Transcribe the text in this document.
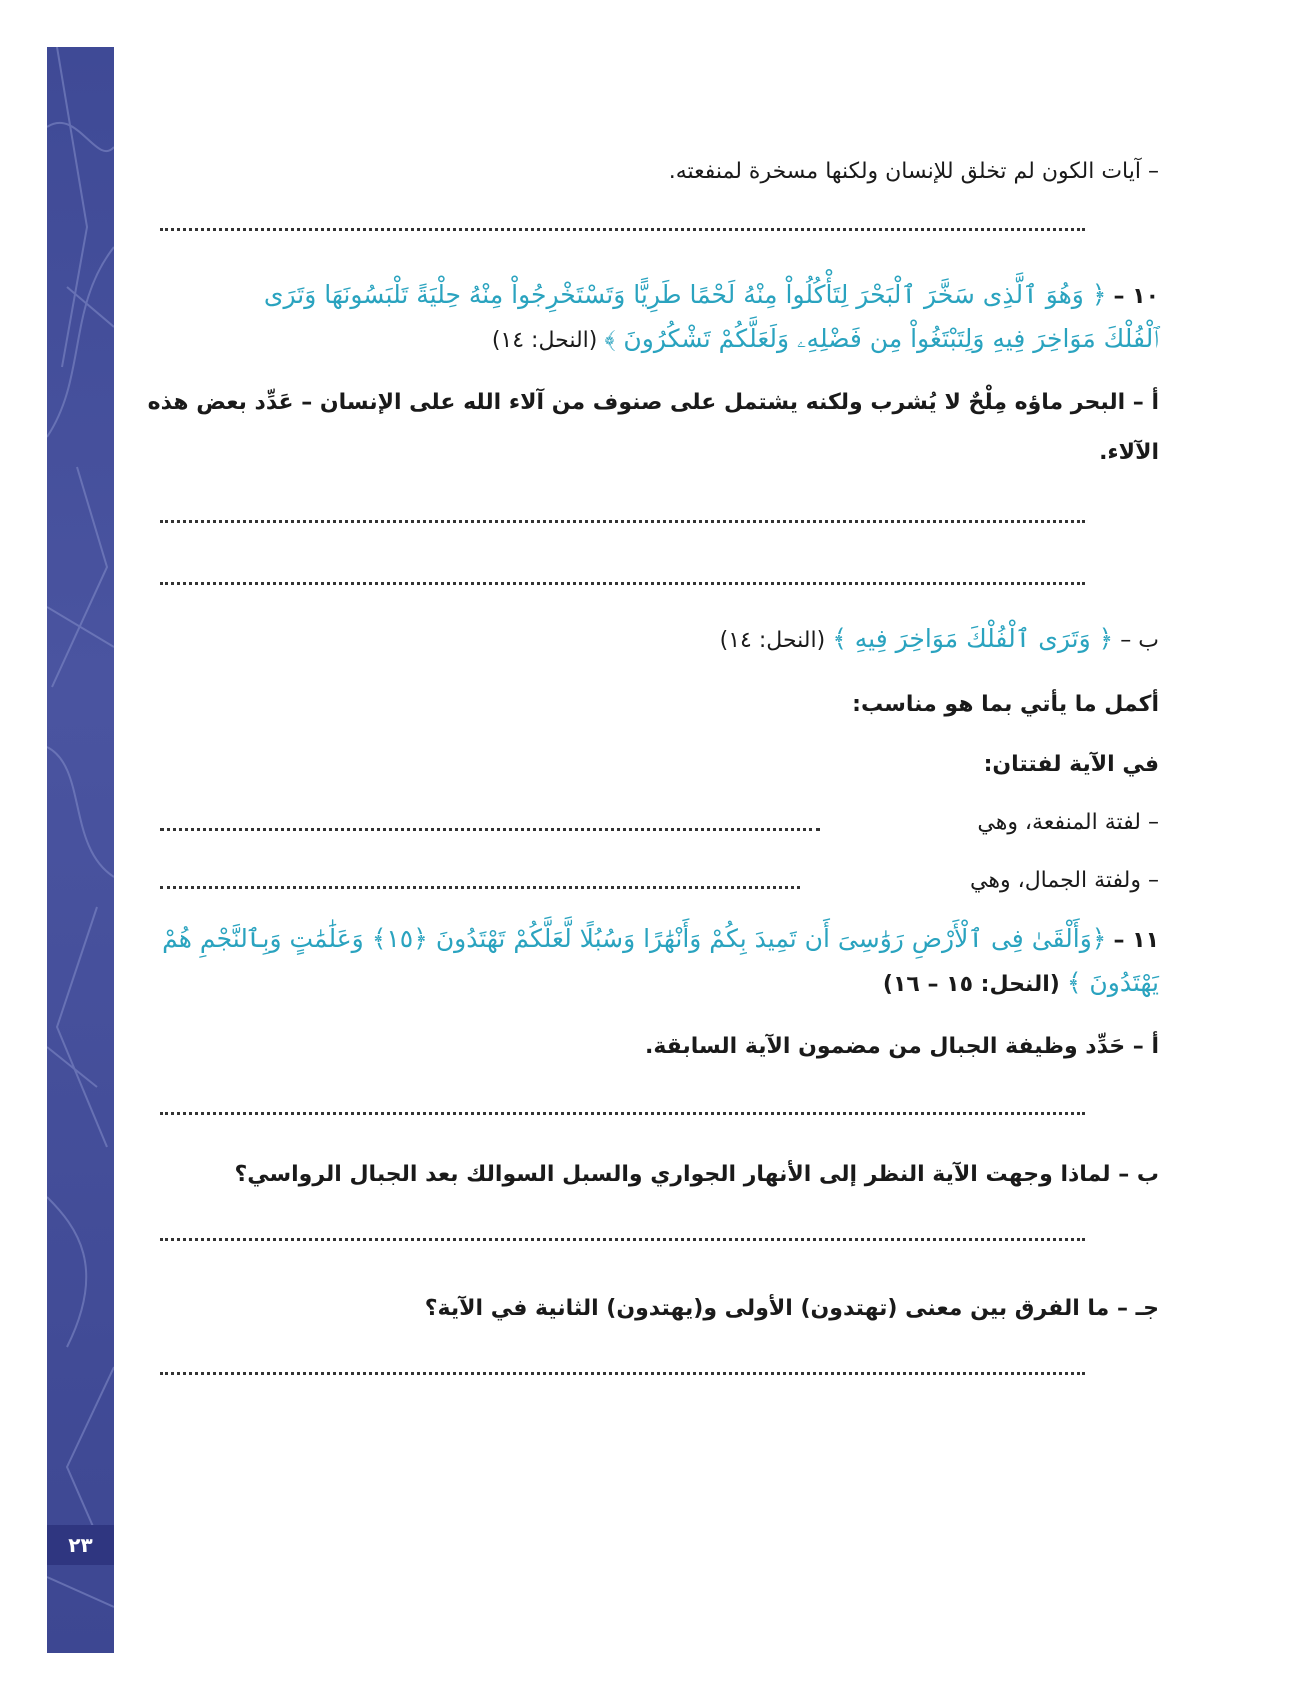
٢٣
– آيات الكون لم تخلق للإنسان ولكنها مسخرة لمنفعته.
١٠ – ﴿ وَهُوَ ٱلَّذِى سَخَّرَ ٱلْبَحْرَ لِتَأْكُلُواْ مِنْهُ لَحْمًا طَرِيًّا وَتَسْتَخْرِجُواْ مِنْهُ حِلْيَةً تَلْبَسُونَهَا وَتَرَى
ٱلْفُلْكَ مَوَاخِرَ فِيهِ وَلِتَبْتَغُواْ مِن فَضْلِهِۦ وَلَعَلَّكُمْ تَشْكُرُونَ ﴾ (النحل: ١٤)
أ – البحر ماؤه مِلْحٌ لا يُشرب ولكنه يشتمل على صنوف من آلاء الله على الإنسان – عَدِّد بعض هذه
الآلاء.
ب – ﴿ وَتَرَى ٱلْفُلْكَ مَوَاخِرَ فِيهِ ﴾ (النحل: ١٤)
أكمل ما يأتي بما هو مناسب:
في الآية لفتتان:
– لفتة المنفعة، وهي
– ولفتة الجمال، وهي
١١ – ﴿وَأَلْقَىٰ فِى ٱلْأَرْضِ رَوَٰسِىَ أَن تَمِيدَ بِكُمْ وَأَنْهَٰرًا وَسُبُلًا لَّعَلَّكُمْ تَهْتَدُونَ ﴿١٥﴾ وَعَلَٰمَٰتٍ وَبِٱلنَّجْمِ هُمْ
يَهْتَدُونَ ﴾ (النحل: ١٥ – ١٦)
أ – حَدِّد وظيفة الجبال من مضمون الآية السابقة.
ب – لماذا وجهت الآية النظر إلى الأنهار الجواري والسبل السوالك بعد الجبال الرواسي؟
جـ – ما الفرق بين معنى (تهتدون) الأولى و(يهتدون) الثانية في الآية؟
